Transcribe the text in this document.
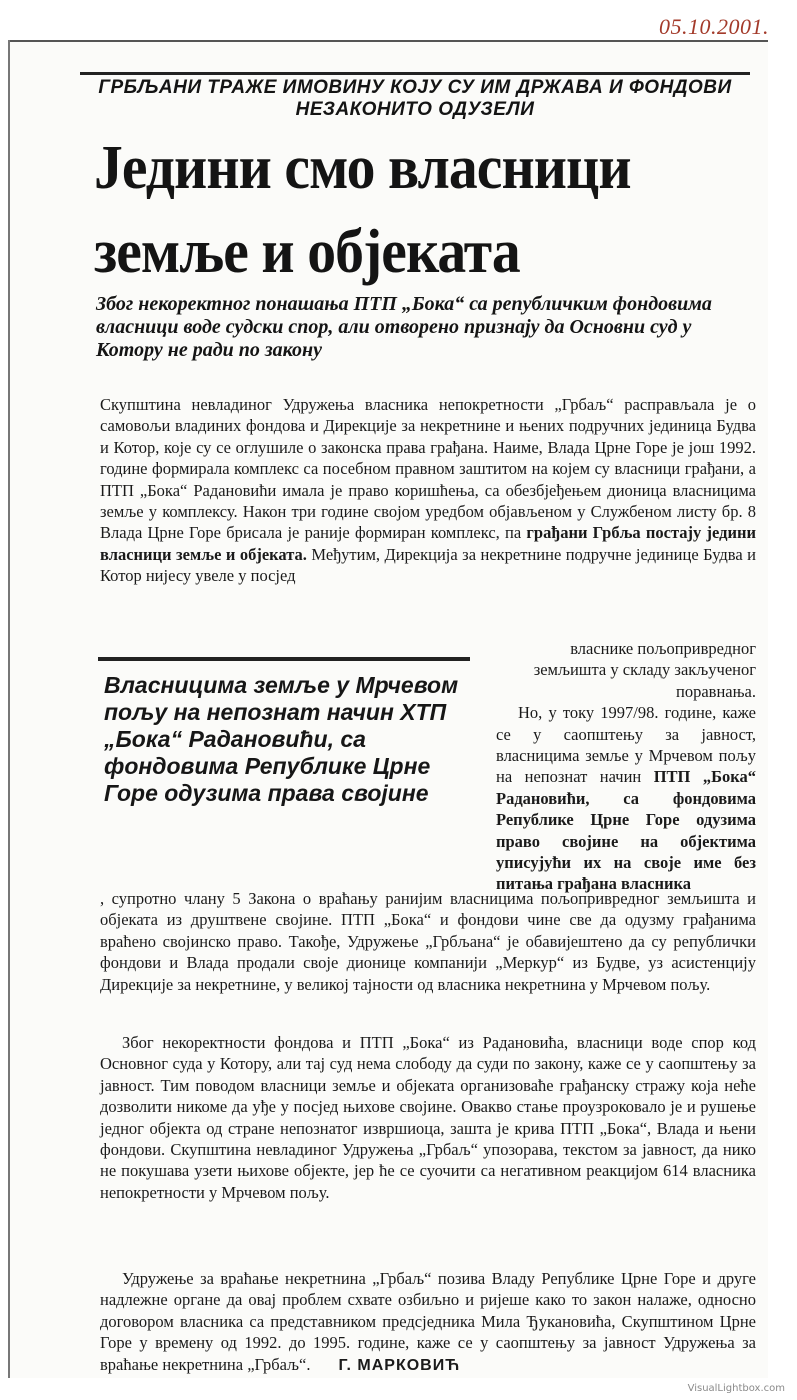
05.10.2001.
ГРБЉАНИ ТРАЖЕ ИМОВИНУ КОЈУ СУ ИМ ДРЖАВА И ФОНДОВИ НЕЗАКОНИТО ОДУЗЕЛИ
Једини смо власници земље и објеката
Због некоректног понашања ПТП „Бока“ са републичким фондовима власници воде судски спор, али отворено признају да Основни суд у Котору не ради по закону
Скупштина невладиног Удружења власника непокретности „Грбаљ“ расправљала је о самовољи владиних фондова и Дирекције за некретнине и њених подручних јединица Будва и Котор, које су се оглушиле о законска права грађана. Наиме, Влада Црне Горе је још 1992. године формирала комплекс са посебном правном заштитом на којем су власници грађани, а ПТП „Бока“ Радановићи имала је право коришћења, са обезбјеђењем дионица власницима земље у комплексу. Након три године својом уредбом објављеном у Службеном листу бр. 8 Влада Црне Горе брисала је раније формиран комплекс, па грађани Грбља постају једини власници земље и објеката. Међутим, Дирекција за некретнине подручне јединице Будва и Котор нијесу увеле у посјед
Власницима земље у Мрчевом пољу на непознат начин ХТП „Бока“ Радановићи, са фондовима Републике Црне Горе одузима права својине
власнике пољопривредног земљишта у складу закљученог поравнања.
Но, у току 1997/98. године, каже се у саопштењу за јавност, власницима земље у Мрчевом пољу на непознат начин ПТП „Бока“ Радановићи, са фондовима Републике Црне Горе одузима право својине на објектима уписујући их на своје име без питања грађана власника
, супротно члану 5 Закона о враћању ранијим власницима пољопривредног земљишта и објеката из друштвене својине. ПТП „Бока“ и фондови чине све да одузму грађанима враћено својинско право. Такође, Удружење „Грбљана“ је обавијештено да су републички фондови и Влада продали своје дионице компанији „Меркур“ из Будве, уз асистенцију Дирекције за некретнине, у великој тајности од власника некретнина у Мрчевом пољу.
Због некоректности фондова и ПТП „Бока“ из Радановића, власници воде спор код Основног суда у Котору, али тај суд нема слободу да суди по закону, каже се у саопштењу за јавност. Тим поводом власници земље и објеката организоваће грађанску стражу која неће дозволити никоме да уђе у посјед њихове својине. Овакво стање проузроковало је и рушење једног објекта од стране непознатог извршиоца, зашта је крива ПТП „Бока“, Влада и њени фондови. Скупштина невладиног Удружења „Грбаљ“ упозорава, текстом за јавност, да нико не покушава узети њихове објекте, јер ће се суочити са негативном реакцијом 614 власника непокретности у Мрчевом пољу.
Удружење за враћање некретнина „Грбаљ“ позива Владу Републике Црне Горе и друге надлежне органе да овај проблем схвате озбиљно и ријеше како то закон налаже, односно договором власника са представником предсједника Мила Ђукановића, Скупштином Црне Горе у времену од 1992. до 1995. године, каже се у саопштењу за јавност Удружења за враћање некретнина „Грбаљ“. Г. МАРКОВИЋ
VisualLightbox.com
